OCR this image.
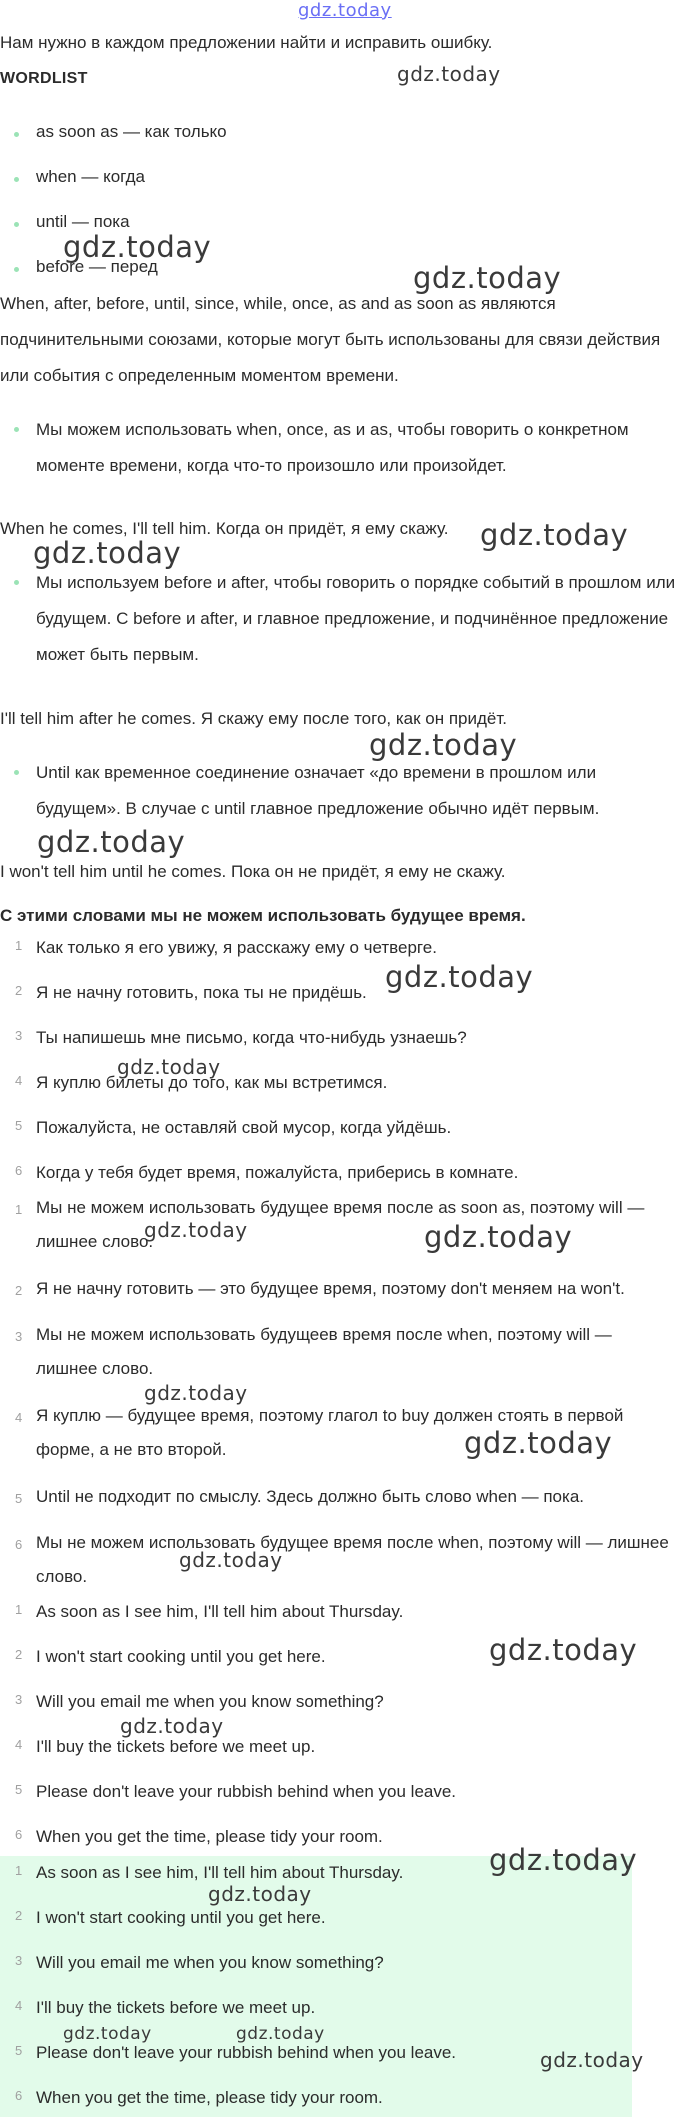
gdz.today
gdz.today
gdz.today
gdz.today
gdz.today
gdz.today
gdz.today
gdz.today
gdz.today
gdz.today
gdz.today	gdz.today
gdz.today
gdz.today
gdz.today
gdz.today
gdz.today
gdz.today
gdz.today
gdz.today	gdz.today
gdz.today
Нам нужно в каждом предложении найти и исправить ошибку.
WORDLIST
as soon as — как только
when — когда
until — пока
before — перед
When, after, before, until, since, while, once, as and as soon as являются подчинительными союзами, которые могут быть использованы для связи действия или события с определенным моментом времени.
Мы можем использовать when, once, as и as, чтобы говорить о конкретном моменте времени, когда что-то произошло или произойдет.
When he comes, I'll tell him. Когда он придёт, я ему скажу.
Мы используем before и after, чтобы говорить о порядке событий в прошлом или будущем. С before и after, и главное предложение, и подчинённое предложение может быть первым.
I'll tell him after he comes. Я скажу ему после того, как он придёт.
Until как временное соединение означает «до времени в прошлом или будущем». В случае с until главное предложение обычно идёт первым.
I won't tell him until he comes. Пока он не придёт, я ему не скажу.
С этими словами мы не можем использовать будущее время.
1 Как только я его увижу, я расскажу ему о четверге.
2 Я не начну готовить, пока ты не придёшь.
3 Ты напишешь мне письмо, когда что-нибудь узнаешь?
4 Я куплю билеты до того, как мы встретимся.
5 Пожалуйста, не оставляй свой мусор, когда уйдёшь.
6 Когда у тебя будет время, пожалуйста, приберись в комнате.
1 Мы не можем использовать будущее время после as soon as, поэтому will — лишнее слово.
2 Я не начну готовить — это будущее время, поэтому don't меняем на won't.
3 Мы не можем использовать будущеев время после when, поэтому will — лишнее слово.
4 Я куплю — будущее время, поэтому глагол to buy должен стоять в первой форме, а не вто второй.
5 Until не подходит по смыслу. Здесь должно быть слово when — пока.
6 Мы не можем использовать будущее время после when, поэтому will — лишнее слово.
1 As soon as I see him, I'll tell him about Thursday.
2 I won't start cooking until you get here.
3 Will you email me when you know something?
4 I'll buy the tickets before we meet up.
5 Please don't leave your rubbish behind when you leave.
6 When you get the time, please tidy your room.
1 As soon as I see him, I'll tell him about Thursday.
2 I won't start cooking until you get here.
3 Will you email me when you know something?
4 I'll buy the tickets before we meet up.
5 Please don't leave your rubbish behind when you leave.
6 When you get the time, please tidy your room.
